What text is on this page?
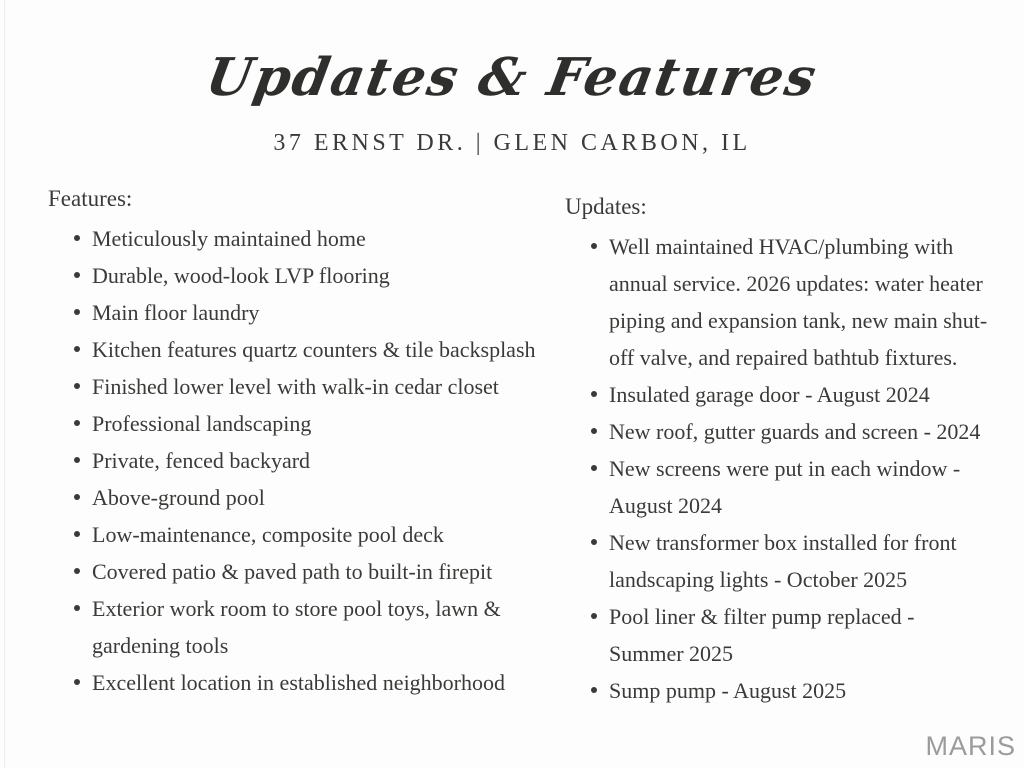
Updates & Features
37 ERNST DR. | GLEN CARBON, IL
Features:
Meticulously maintained home
Durable, wood-look LVP flooring
Main floor laundry
Kitchen features quartz counters & tile backsplash
Finished lower level with walk-in cedar closet
Professional landscaping
Private, fenced backyard
Above-ground pool
Low-maintenance, composite pool deck
Covered patio & paved path to built-in firepit
Exterior work room to store pool toys, lawn & gardening tools
Excellent location in established neighborhood
Updates:
Well maintained HVAC/plumbing with annual service. 2026 updates: water heater piping and expansion tank, new main shut-off valve, and repaired bathtub fixtures.
Insulated garage door - August 2024
New roof, gutter guards and screen - 2024
New screens were put in each window - August 2024
New transformer box installed for front landscaping lights - October 2025
Pool liner & filter pump replaced - Summer 2025
Sump pump - August 2025
MARIS
